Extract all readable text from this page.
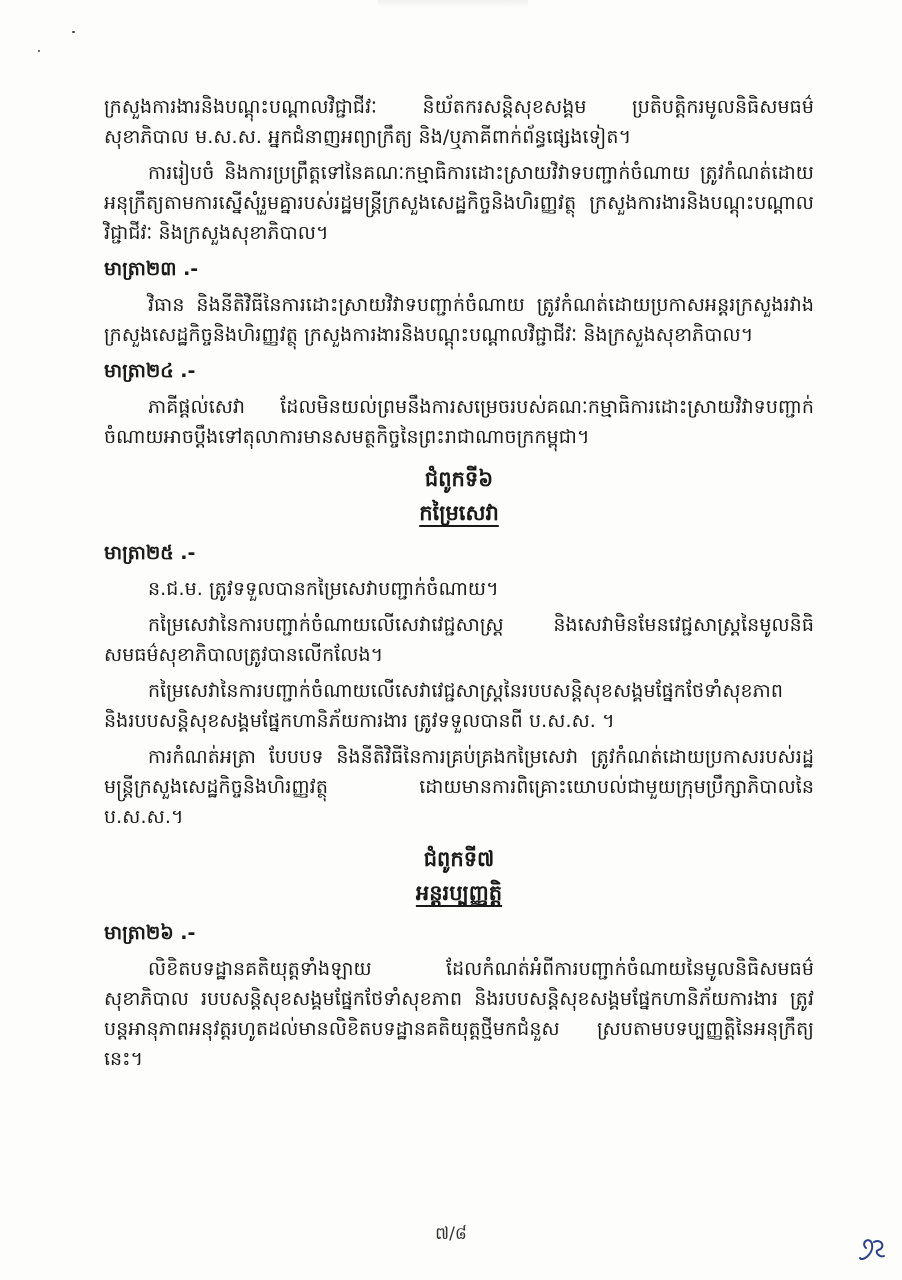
ក្រសួងការងារនិងបណ្តុះបណ្តាលវិជ្ជាជីវៈ និយ័តករសន្តិសុខសង្គម ប្រតិបត្តិករមូលនិធិសមធម៌សុខាភិបាល ម.ស.ស. អ្នកជំនាញអព្យាក្រឹត្យ និង/ឬភាគីពាក់ព័ន្ធផ្សេងទៀត។

ការរៀបចំ និងការប្រព្រឹត្តទៅនៃគណៈកម្មាធិការដោះស្រាយវិវាទបញ្ជាក់ចំណាយ ត្រូវកំណត់ដោយអនុក្រឹត្យតាមការស្នើសុំរួមគ្នារបស់រដ្ឋមន្ត្រីក្រសួងសេដ្ឋកិច្ចនិងហិរញ្ញវត្ថុ ក្រសួងការងារនិងបណ្តុះបណ្តាលវិជ្ជាជីវៈ និងក្រសួងសុខាភិបាល។

មាត្រា២៣ .-

វិធាន និងនីតិវិធីនៃការដោះស្រាយវិវាទបញ្ជាក់ចំណាយ ត្រូវកំណត់ដោយប្រកាសអន្តរក្រសួងរវាងក្រសួងសេដ្ឋកិច្ចនិងហិរញ្ញវត្ថុ ក្រសួងការងារនិងបណ្តុះបណ្តាលវិជ្ជាជីវៈ និងក្រសួងសុខាភិបាល។

មាត្រា២៤ .-

ភាគីផ្តល់សេវា ដែលមិនយល់ព្រមនឹងការសម្រេចរបស់គណៈកម្មាធិការដោះស្រាយវិវាទបញ្ជាក់ចំណាយអាចប្តឹងទៅតុលាការមានសមត្ថកិច្ចនៃព្រះរាជាណាចក្រកម្ពុជា។

ជំពូកទី៦
កម្រៃសេវា
មាត្រា២៥ .-

ន.ជ.ម. ត្រូវទទួលបានកម្រៃសេវាបញ្ជាក់ចំណាយ។

កម្រៃសេវានៃការបញ្ជាក់ចំណាយលើសេវាវេជ្ជសាស្ត្រ និងសេវាមិនមែនវេជ្ជសាស្ត្រនៃមូលនិធិសមធម៌សុខាភិបាលត្រូវបានលើកលែង។

កម្រៃសេវានៃការបញ្ជាក់ចំណាយលើសេវាវេជ្ជសាស្ត្រនៃរបបសន្តិសុខសង្គមផ្នែកថែទាំសុខភាព និងរបបសន្តិសុខសង្គមផ្នែកហានិភ័យការងារ ត្រូវទទួលបានពី ប.ស.ស. ។

ការកំណត់អត្រា បែបបទ និងនីតិវិធីនៃការគ្រប់គ្រងកម្រៃសេវា ត្រូវកំណត់ដោយប្រកាសរបស់រដ្ឋមន្ត្រីក្រសួងសេដ្ឋកិច្ចនិងហិរញ្ញវត្ថុ ដោយមានការពិគ្រោះយោបល់ជាមួយក្រុមប្រឹក្សាភិបាលនៃ ប.ស.ស.។

ជំពូកទី៧
អន្តរប្បញ្ញត្តិ
មាត្រា២៦ .-

លិខិតបទដ្ឋានគតិយុត្តទាំងឡាយ ដែលកំណត់អំពីការបញ្ជាក់ចំណាយនៃមូលនិធិសមធម៌សុខាភិបាល របបសន្តិសុខសង្គមផ្នែកថែទាំសុខភាព និងរបបសន្តិសុខសង្គមផ្នែកហានិភ័យការងារ ត្រូវបន្តអានុភាពអនុវត្តរហូតដល់មានលិខិតបទដ្ឋានគតិយុត្តថ្មីមកជំនួស ស្របតាមបទប្បញ្ញត្តិនៃអនុក្រឹត្យនេះ។

៧/៨
